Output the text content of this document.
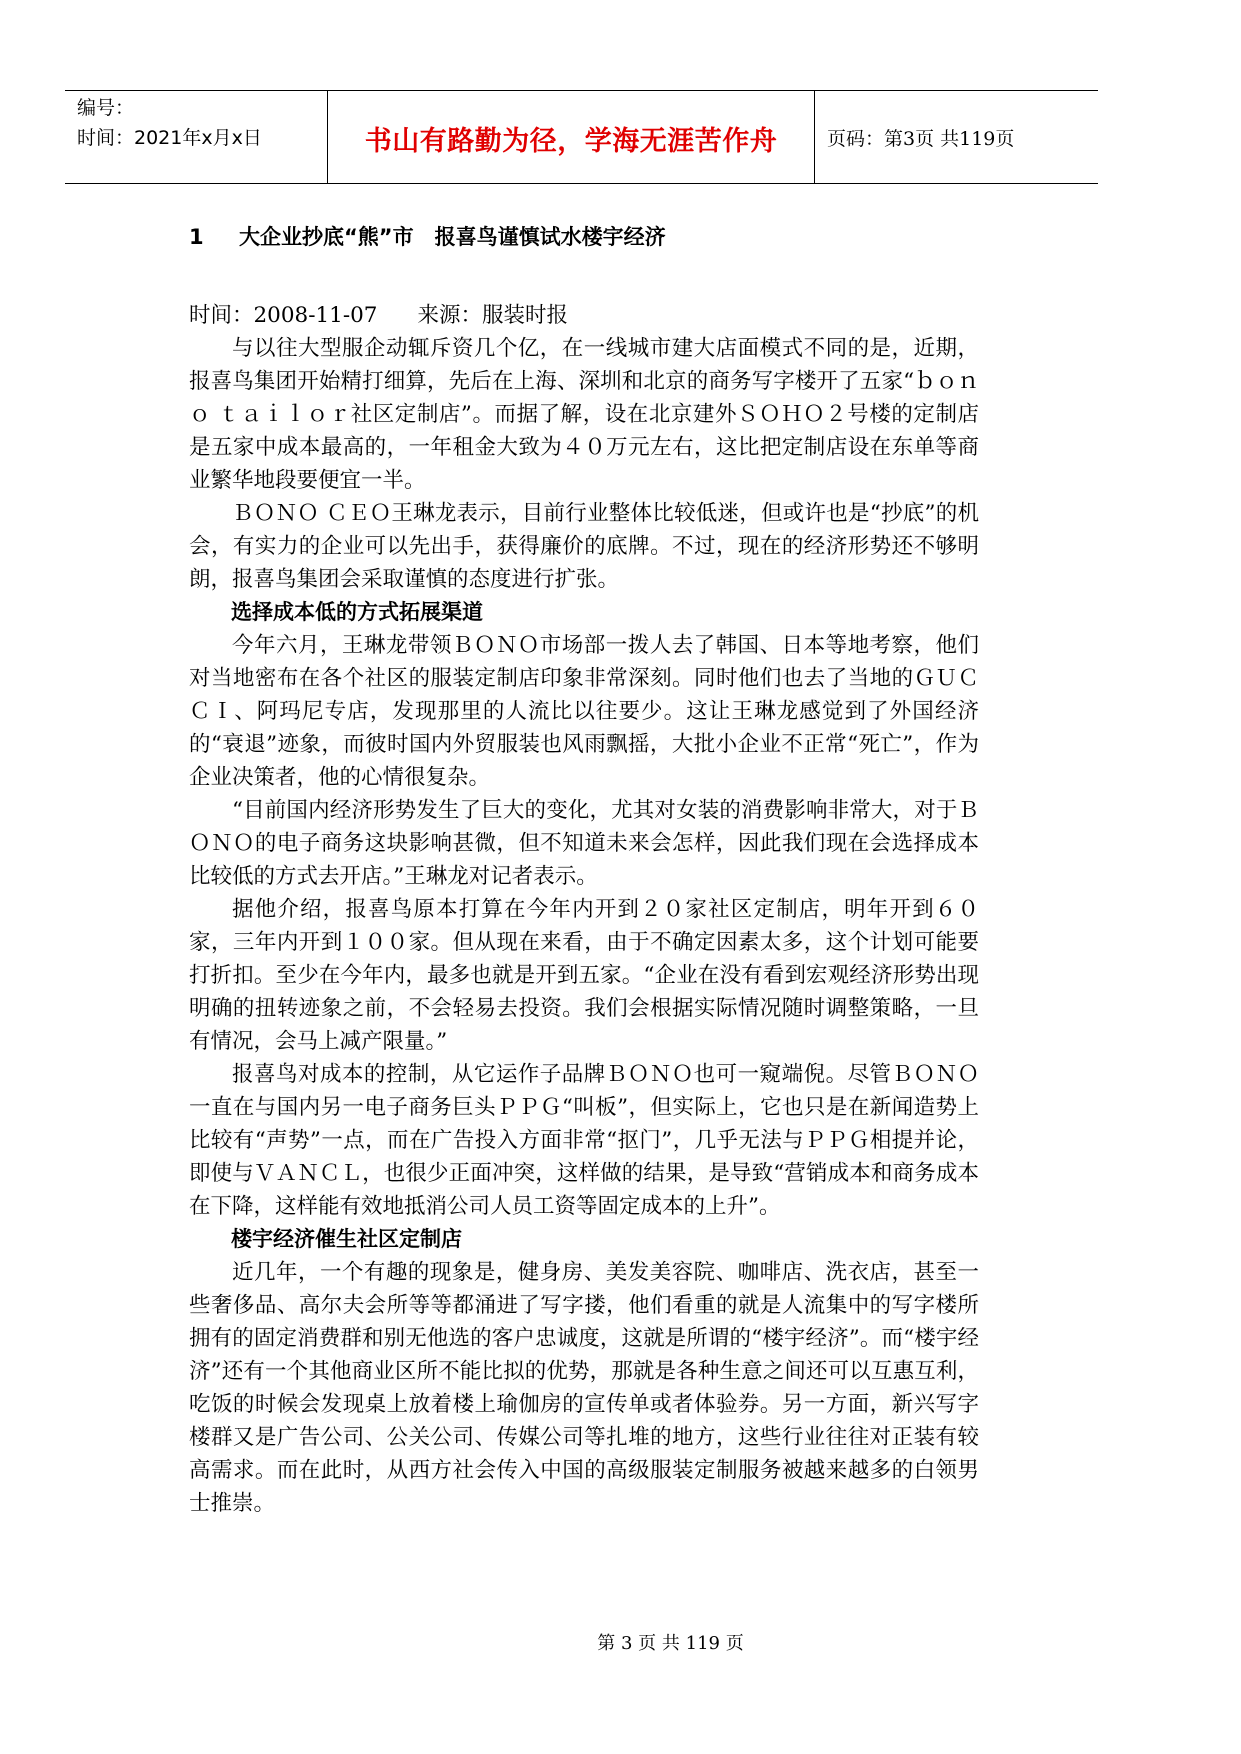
编号：
时间：2021年x月x日	书山有路勤为径，学海无涯苦作舟	页码：第3页 共119页
1 大企业抄底“熊”市　报喜鸟谨慎试水楼宇经济

时间：2008-11-07 来源：服装时报

与以往大型服企动辄斥资几个亿，在一线城市建大店面模式不同的是，近期，报喜鸟集团开始精打细算，先后在上海、深圳和北京的商务写字楼开了五家“ｂｏｎｏ ｔａｉｌｏｒ社区定制店”。而据了解，设在北京建外ＳＯＨＯ２号楼的定制店是五家中成本最高的，一年租金大致为４０万元左右，这比把定制店设在东单等商业繁华地段要便宜一半。

ＢＯＮＯ ＣＥＯ王琳龙表示，目前行业整体比较低迷，但或许也是“抄底”的机会，有实力的企业可以先出手，获得廉价的底牌。不过，现在的经济形势还不够明朗，报喜鸟集团会采取谨慎的态度进行扩张。

选择成本低的方式拓展渠道

今年六月，王琳龙带领ＢＯＮＯ市场部一拨人去了韩国、日本等地考察，他们对当地密布在各个社区的服装定制店印象非常深刻。同时他们也去了当地的ＧＵＣＣＩ、阿玛尼专店，发现那里的人流比以往要少。这让王琳龙感觉到了外国经济的“衰退”迹象，而彼时国内外贸服装也风雨飘摇，大批小企业不正常“死亡”，作为企业决策者，他的心情很复杂。

“目前国内经济形势发生了巨大的变化，尤其对女装的消费影响非常大，对于ＢＯＮＯ的电子商务这块影响甚微，但不知道未来会怎样，因此我们现在会选择成本比较低的方式去开店。”王琳龙对记者表示。

据他介绍，报喜鸟原本打算在今年内开到２０家社区定制店，明年开到６０家，三年内开到１００家。但从现在来看，由于不确定因素太多，这个计划可能要打折扣。至少在今年内，最多也就是开到五家。“企业在没有看到宏观经济形势出现明确的扭转迹象之前，不会轻易去投资。我们会根据实际情况随时调整策略，一旦有情况，会马上减产限量。”

报喜鸟对成本的控制，从它运作子品牌ＢＯＮＯ也可一窥端倪。尽管ＢＯＮＯ一直在与国内另一电子商务巨头ＰＰＧ“叫板”，但实际上，它也只是在新闻造势上比较有“声势”一点，而在广告投入方面非常“抠门”，几乎无法与ＰＰＧ相提并论，即使与ＶＡＮＣＬ，也很少正面冲突，这样做的结果，是导致“营销成本和商务成本在下降，这样能有效地抵消公司人员工资等固定成本的上升”。

楼宇经济催生社区定制店

近几年，一个有趣的现象是，健身房、美发美容院、咖啡店、洗衣店，甚至一些奢侈品、高尔夫会所等等都涌进了写字搂，他们看重的就是人流集中的写字楼所拥有的固定消费群和别无他选的客户忠诚度，这就是所谓的“楼宇经济”。而“楼宇经济”还有一个其他商业区所不能比拟的优势，那就是各种生意之间还可以互惠互利，吃饭的时候会发现桌上放着楼上瑜伽房的宣传单或者体验券。另一方面，新兴写字楼群又是广告公司、公关公司、传媒公司等扎堆的地方，这些行业往往对正装有较高需求。而在此时，从西方社会传入中国的高级服装定制服务被越来越多的白领男士推崇。

第 3 页 共 119 页
